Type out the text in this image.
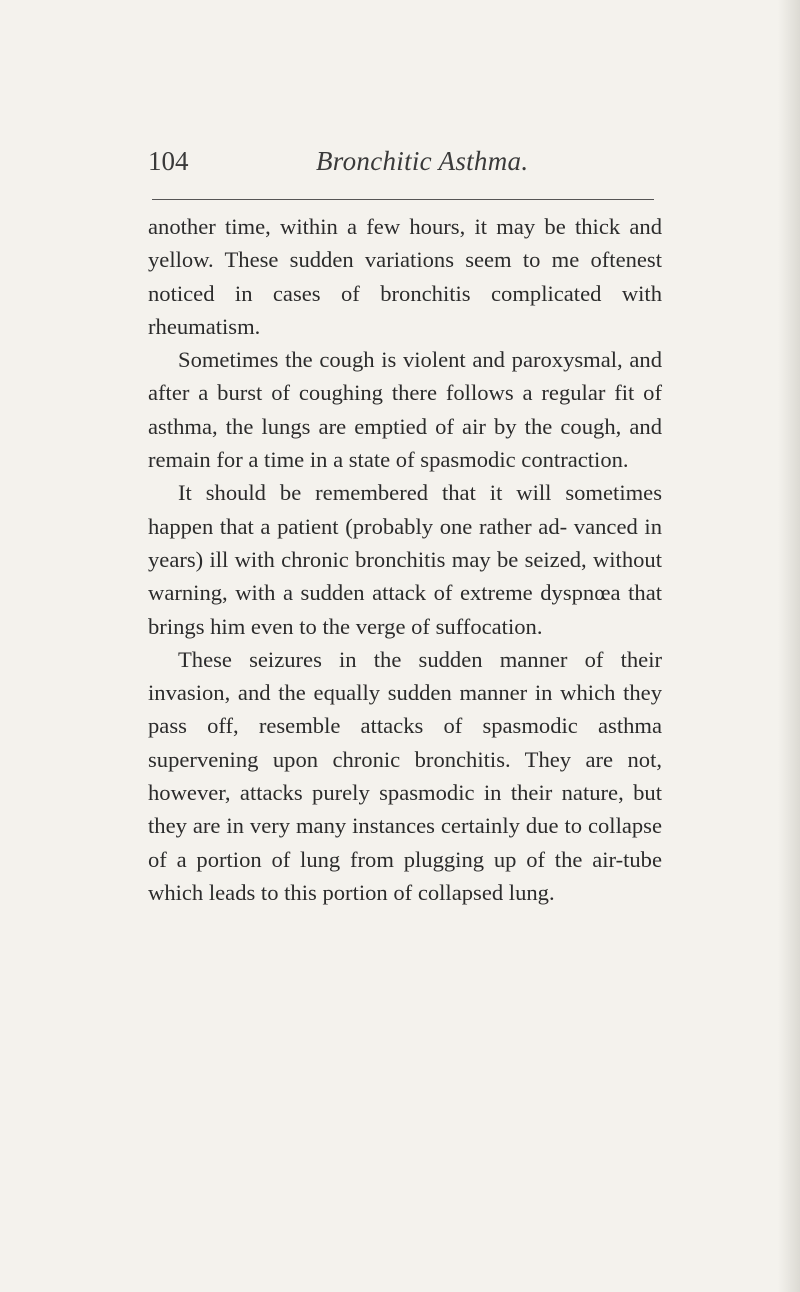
104	Bronchitic Asthma.

another time, within a few hours, it may be thick and yellow. These sudden variations seem to me oftenest noticed in cases of bronchitis complicated with rheumatism.

Sometimes the cough is violent and paroxysmal, and after a burst of coughing there follows a regular fit of asthma, the lungs are emptied of air by the cough, and remain for a time in a state of spasmodic contraction.

It should be remembered that it will sometimes happen that a patient (probably one rather ad- vanced in years) ill with chronic bronchitis may be seized, without warning, with a sudden attack of extreme dyspnœa that brings him even to the verge of suffocation.

These seizures in the sudden manner of their invasion, and the equally sudden manner in which they pass off, resemble attacks of spasmodic asthma supervening upon chronic bronchitis. They are not, however, attacks purely spasmodic in their nature, but they are in very many instances certainly due to collapse of a portion of lung from plugging up of the air-tube which leads to this portion of collapsed lung.
